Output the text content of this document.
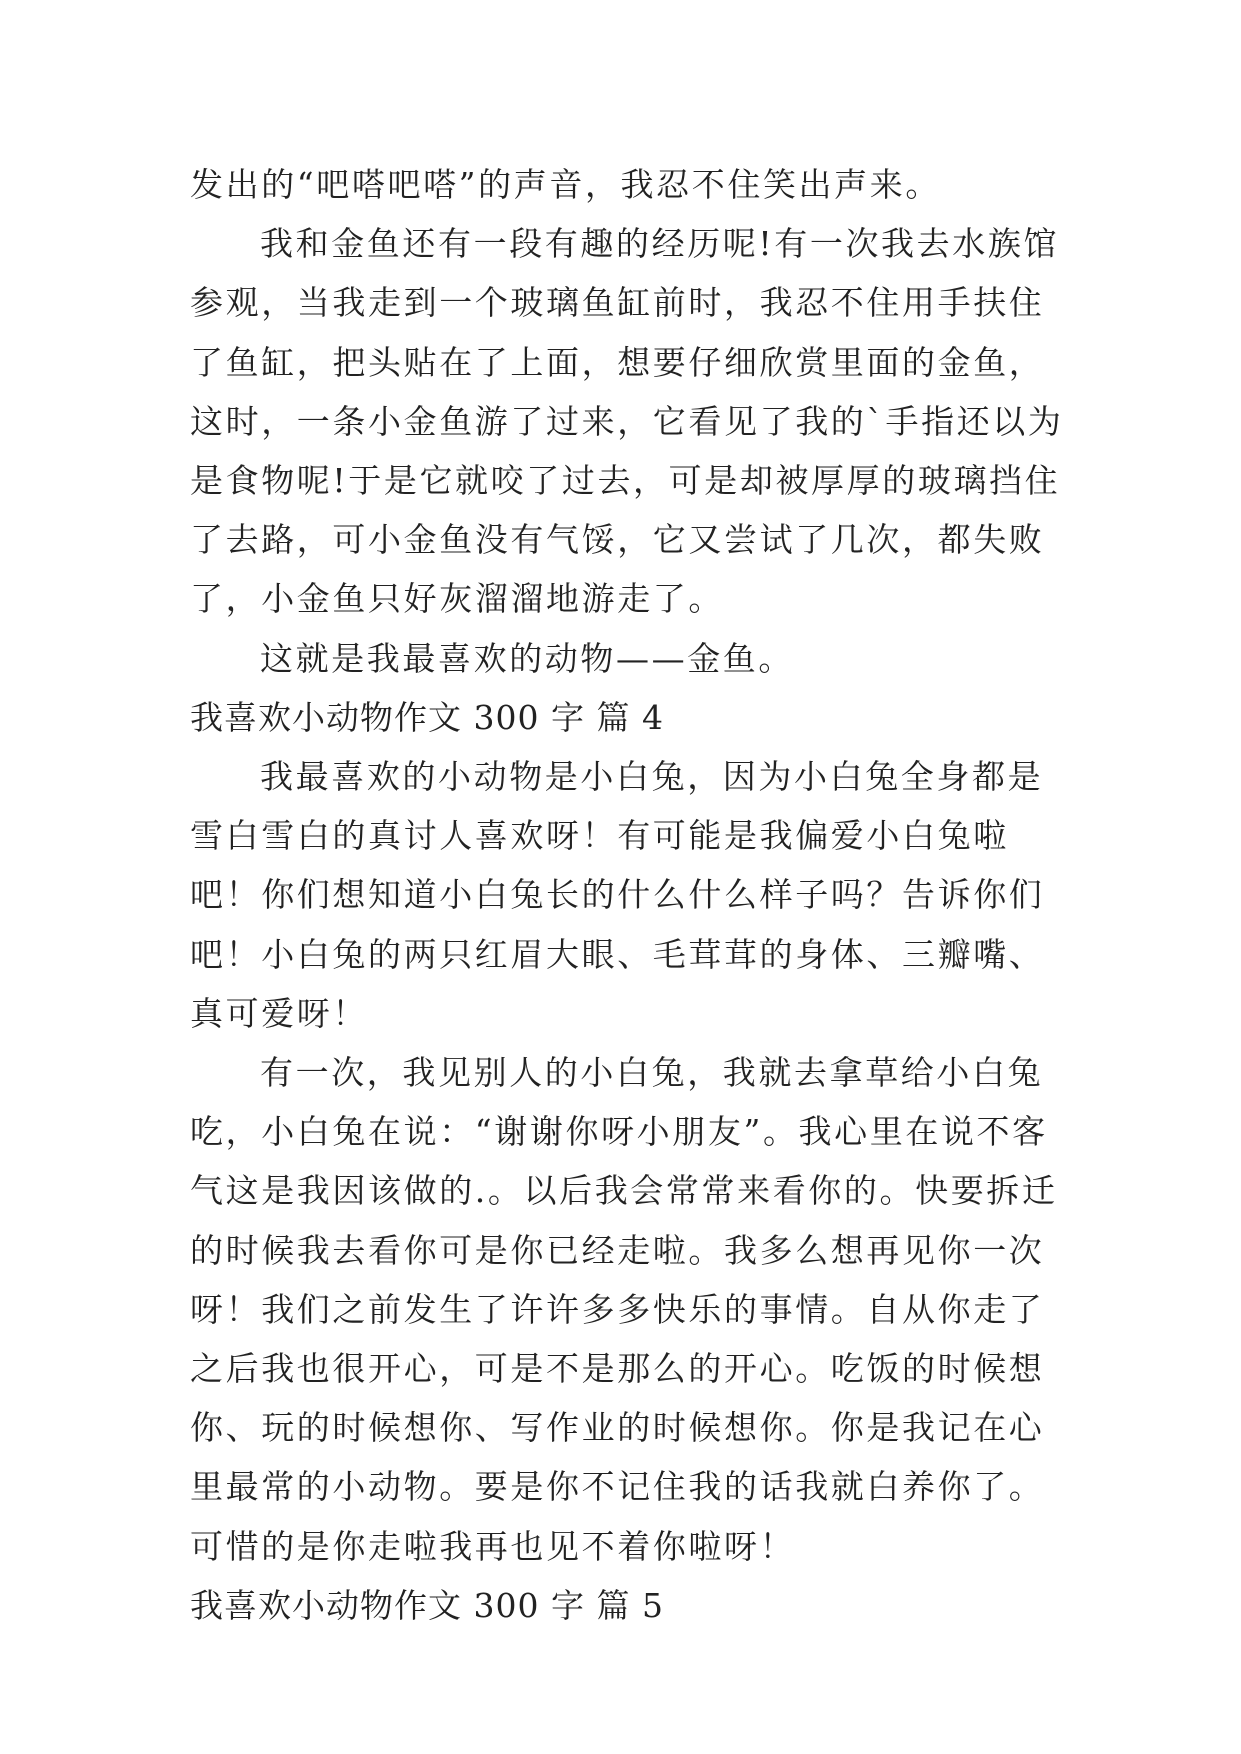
发出的“吧嗒吧嗒”的声音，我忍不住笑出声来。

我和金鱼还有一段有趣的经历呢!有一次我去水族馆参观，当我走到一个玻璃鱼缸前时，我忍不住用手扶住了鱼缸，把头贴在了上面，想要仔细欣赏里面的金鱼，这时，一条小金鱼游了过来，它看见了我的`手指还以为是食物呢!于是它就咬了过去，可是却被厚厚的玻璃挡住了去路，可小金鱼没有气馁，它又尝试了几次，都失败了，小金鱼只好灰溜溜地游走了。

这就是我最喜欢的动物——金鱼。

我喜欢小动物作文 300 字 篇 4

我最喜欢的小动物是小白兔，因为小白兔全身都是雪白雪白的真讨人喜欢呀！有可能是我偏爱小白兔啦吧！你们想知道小白兔长的什么什么样子吗？告诉你们吧！小白兔的两只红眉大眼、毛茸茸的身体、三瓣嘴、真可爱呀！

有一次，我见别人的小白兔，我就去拿草给小白兔吃，小白兔在说：“谢谢你呀小朋友”。我心里在说不客气这是我因该做的.。以后我会常常来看你的。快要拆迁的时候我去看你可是你已经走啦。我多么想再见你一次呀！我们之前发生了许许多多快乐的事情。自从你走了之后我也很开心，可是不是那么的开心。吃饭的时候想你、玩的时候想你、写作业的时候想你。你是我记在心里最常的小动物。要是你不记住我的话我就白养你了。可惜的是你走啦我再也见不着你啦呀！

我喜欢小动物作文 300 字 篇 5
